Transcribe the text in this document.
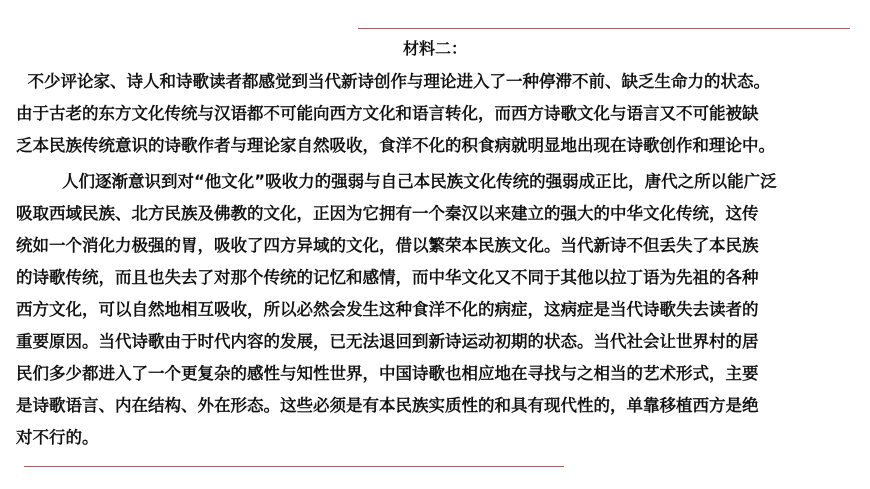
材料二：
不少评论家、诗人和诗歌读者都感觉到当代新诗创作与理论进入了一种停滞不前、缺乏生命力的状态。
由于古老的东方文化传统与汉语都不可能向西方文化和语言转化，而西方诗歌文化与语言又不可能被缺
乏本民族传统意识的诗歌作者与理论家自然吸收，食洋不化的积食病就明显地出现在诗歌创作和理论中。
人们逐渐意识到对“他文化”吸收力的强弱与自己本民族文化传统的强弱成正比，唐代之所以能广泛
吸取西域民族、北方民族及佛教的文化，正因为它拥有一个秦汉以来建立的强大的中华文化传统，这传
统如一个消化力极强的胃，吸收了四方异域的文化，借以繁荣本民族文化。当代新诗不但丢失了本民族
的诗歌传统，而且也失去了对那个传统的记忆和感情，而中华文化又不同于其他以拉丁语为先祖的各种
西方文化，可以自然地相互吸收，所以必然会发生这种食洋不化的病症，这病症是当代诗歌失去读者的
重要原因。当代诗歌由于时代内容的发展，已无法退回到新诗运动初期的状态。当代社会让世界村的居
民们多少都进入了一个更复杂的感性与知性世界，中国诗歌也相应地在寻找与之相当的艺术形式，主要
是诗歌语言、内在结构、外在形态。这些必须是有本民族实质性的和具有现代性的，单靠移植西方是绝
对不行的。
